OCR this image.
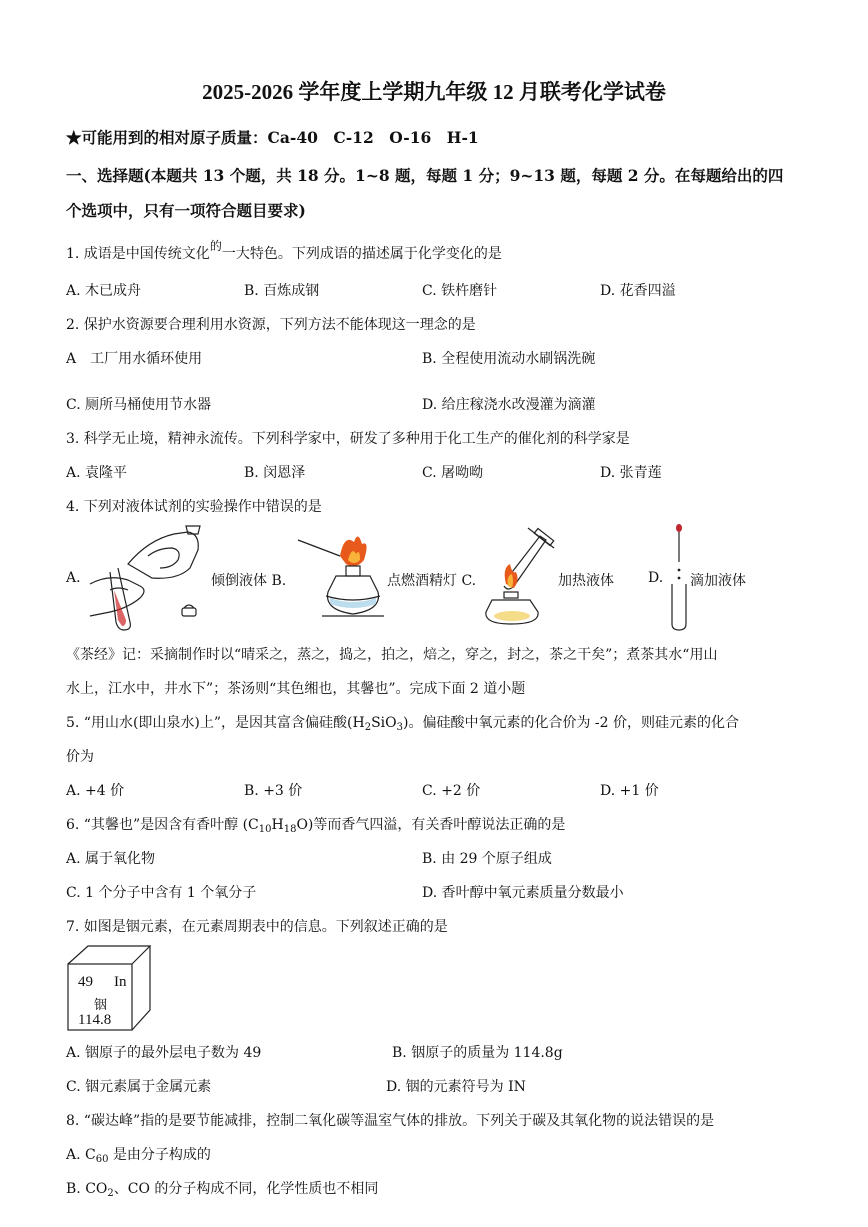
2025-2026 学年度上学期九年级 12 月联考化学试卷
★可能用到的相对原子质量：Ca-40　C-12　O-16　H-1
一、选择题(本题共 13 个题，共 18 分。1~8 题，每题 1 分；9~13 题，每题 2 分。在每题给出的四
个选项中，只有一项符合题目要求)
1. 成语是中国传统文化的一大特色。下列成语的描述属于化学变化的是
A. 木已成舟	B. 百炼成钢	C. 铁杵磨针	D. 花香四溢
2. 保护水资源要合理利用水资源，下列方法不能体现这一理念的是
A　工厂用水循环使用	B. 全程使用流动水刷锅洗碗
C. 厕所马桶使用节水器	D. 给庄稼浇水改漫灌为滴灌
3. 科学无止境，精神永流传。下列科学家中，研发了多种用于化工生产的催化剂的科学家是
A. 袁隆平	B. 闵恩泽	C. 屠呦呦	D. 张青莲
4. 下列对液体试剂的实验操作中错误的是
A.	倾倒液体 B.	点燃酒精灯 C.	加热液体 D. 滴加液体
《茶经》记：采摘制作时以“晴采之，蒸之，捣之，拍之，焙之，穿之，封之，茶之干矣”；煮茶其水“用山
水上，江水中，井水下”；茶汤则“其色缃也，其馨也”。完成下面 2 道小题
5. “用山水(即山泉水)上”，是因其富含偏硅酸$(H_2SiO_3)$。偏硅酸中氧元素的化合价为 -2 价，则硅元素的化合
价为
A. +4 价	B. +3 价	C. +2 价	D. +1 价
6. “其馨也”是因含有香叶醇 $(C_{10}H_{18}O)$等而香气四溢，有关香叶醇说法正确的是
A. 属于氧化物	B. 由 29 个原子组成
C. 1 个分子中含有 1 个氧分子	D. 香叶醇中氧元素质量分数最小
7. 如图是铟元素，在元素周期表中的信息。下列叙述正确的是
49 In
铟
114.8
A. 铟原子的最外层电子数为 49	B. 铟原子的质量为 114.8g
C. 铟元素属于金属元素	D. 铟的元素符号为 IN
8. “碳达峰”指的是要节能减排，控制二氧化碳等温室气体的排放。下列关于碳及其氧化物的说法错误的是
A. $C_{60}$ 是由分子构成的
B. $CO_2$、CO 的分子构成不同，化学性质也不相同
